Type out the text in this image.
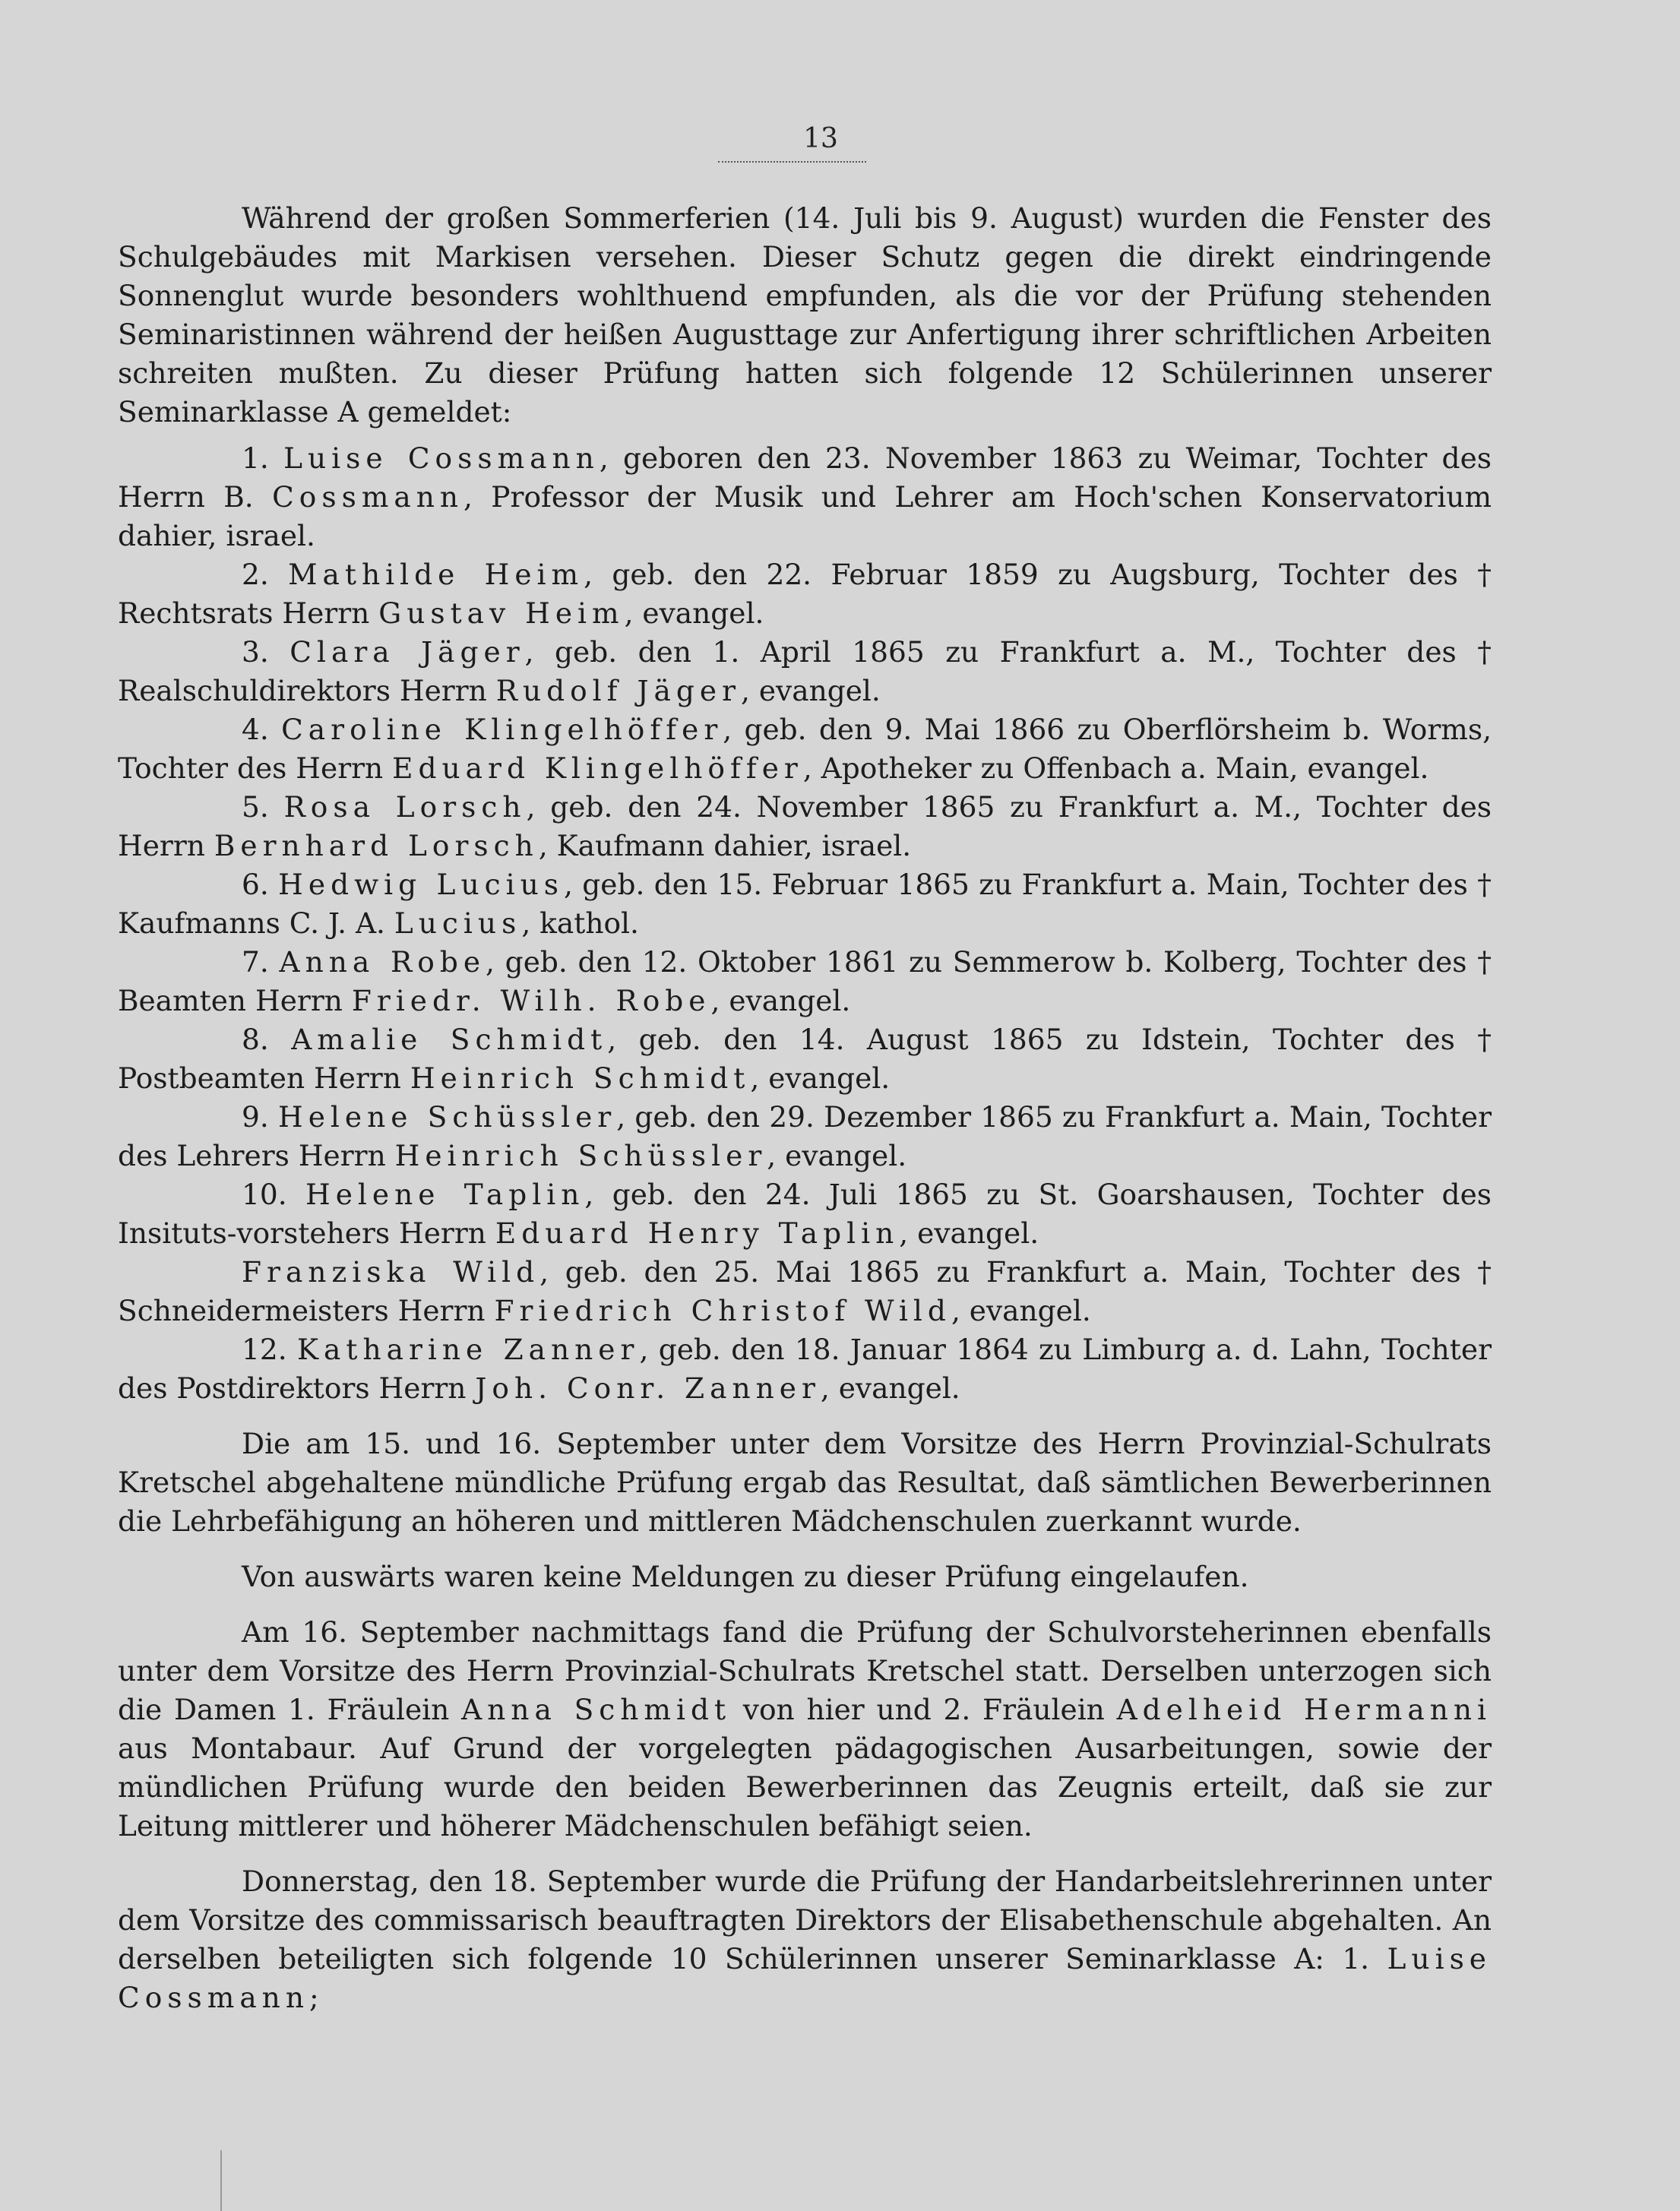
13

Während der großen Sommerferien (14. Juli bis 9. August) wurden die Fenster des Schulgebäudes mit Markisen versehen. Dieser Schutz gegen die direkt eindringende Sonnenglut wurde besonders wohlthuend empfunden, als die vor der Prüfung stehenden Seminaristinnen während der heißen Augusttage zur Anfertigung ihrer schriftlichen Arbeiten schreiten mußten. Zu dieser Prüfung hatten sich folgende 12 Schülerinnen unserer Seminarklasse A gemeldet:

1. Luise Cossmann, geboren den 23. November 1863 zu Weimar, Tochter des Herrn B. Cossmann, Professor der Musik und Lehrer am Hoch'schen Konservatorium dahier, israel.

2. Mathilde Heim, geb. den 22. Februar 1859 zu Augsburg, Tochter des † Rechtsrats Herrn Gustav Heim, evangel.

3. Clara Jäger, geb. den 1. April 1865 zu Frankfurt a. M., Tochter des † Realschuldirektors Herrn Rudolf Jäger, evangel.

4. Caroline Klingelhöffer, geb. den 9. Mai 1866 zu Oberflörsheim b. Worms, Tochter des Herrn Eduard Klingelhöffer, Apotheker zu Offenbach a. Main, evangel.

5. Rosa Lorsch, geb. den 24. November 1865 zu Frankfurt a. M., Tochter des Herrn Bernhard Lorsch, Kaufmann dahier, israel.

6. Hedwig Lucius, geb. den 15. Februar 1865 zu Frankfurt a. Main, Tochter des † Kaufmanns C. J. A. Lucius, kathol.

7. Anna Robe, geb. den 12. Oktober 1861 zu Semmerow b. Kolberg, Tochter des † Beamten Herrn Friedr. Wilh. Robe, evangel.

8. Amalie Schmidt, geb. den 14. August 1865 zu Idstein, Tochter des † Postbeamten Herrn Heinrich Schmidt, evangel.

9. Helene Schüssler, geb. den 29. Dezember 1865 zu Frankfurt a. Main, Tochter des Lehrers Herrn Heinrich Schüssler, evangel.

10. Helene Taplin, geb. den 24. Juli 1865 zu St. Goarshausen, Tochter des Insituts-vorstehers Herrn Eduard Henry Taplin, evangel.

Franziska Wild, geb. den 25. Mai 1865 zu Frankfurt a. Main, Tochter des † Schneidermeisters Herrn Friedrich Christof Wild, evangel.

12. Katharine Zanner, geb. den 18. Januar 1864 zu Limburg a. d. Lahn, Tochter des Postdirektors Herrn Joh. Conr. Zanner, evangel.

Die am 15. und 16. September unter dem Vorsitze des Herrn Provinzial-Schulrats Kretschel abgehaltene mündliche Prüfung ergab das Resultat, daß sämtlichen Bewerberinnen die Lehrbefähigung an höheren und mittleren Mädchenschulen zuerkannt wurde.

Von auswärts waren keine Meldungen zu dieser Prüfung eingelaufen.

Am 16. September nachmittags fand die Prüfung der Schulvorsteherinnen ebenfalls unter dem Vorsitze des Herrn Provinzial-Schulrats Kretschel statt. Derselben unterzogen sich die Damen 1. Fräulein Anna Schmidt von hier und 2. Fräulein Adelheid Hermanni aus Montabaur. Auf Grund der vorgelegten pädagogischen Ausarbeitungen, sowie der mündlichen Prüfung wurde den beiden Bewerberinnen das Zeugnis erteilt, daß sie zur Leitung mittlerer und höherer Mädchenschulen befähigt seien.

Donnerstag, den 18. September wurde die Prüfung der Handarbeitslehrerinnen unter dem Vorsitze des commissarisch beauftragten Direktors der Elisabethenschule abgehalten. An derselben beteiligten sich folgende 10 Schülerinnen unserer Seminarklasse A: 1. Luise Cossmann;
